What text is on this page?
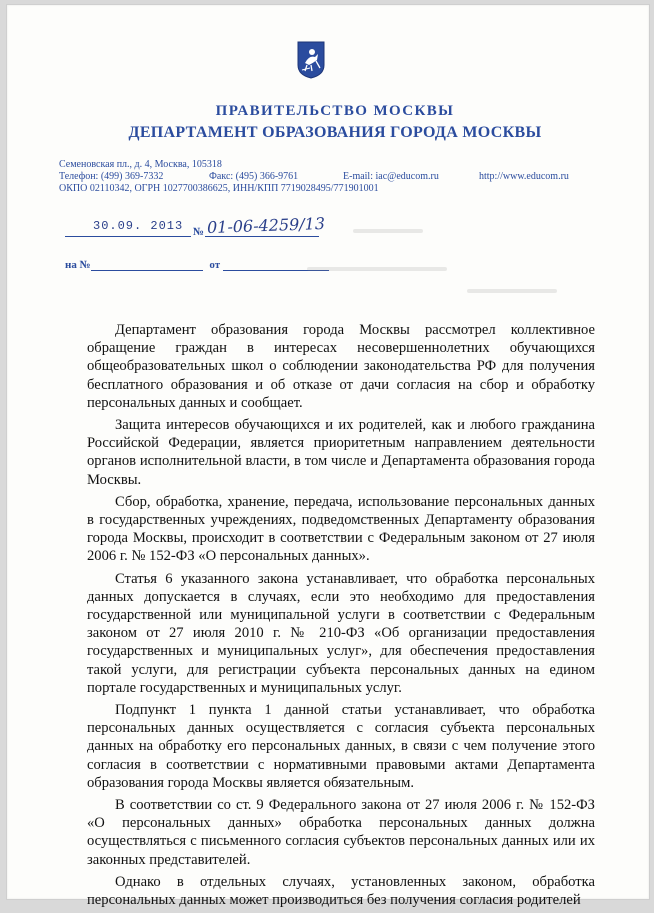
ПРАВИТЕЛЬСТВО МОСКВЫ
ДЕПАРТАМЕНТ ОБРАЗОВАНИЯ ГОРОДА МОСКВЫ
Семеновская пл., д. 4, Москва, 105318
Телефон: (499) 369-7332	Факс: (495) 366-9761	E-mail: iac@educom.ru	http://www.educom.ru
ОКПО 02110342, ОГРН 1027700386625, ИНН/КПП 7719028495/771901001
30.09. 2013 № 01-06-4259/13
на №	от

Департамент образования города Москвы рассмотрел коллективное обращение граждан в интересах несовершеннолетних обучающихся общеобразовательных школ о соблюдении законодательства РФ для получения бесплатного образования и об отказе от дачи согласия на сбор и обработку персональных данных и сообщает.

Защита интересов обучающихся и их родителей, как и любого гражданина Российской Федерации, является приоритетным направлением деятельности органов исполнительной власти, в том числе и Департамента образования города Москвы.

Сбор, обработка, хранение, передача, использование персональных данных в государственных учреждениях, подведомственных Департаменту образования города Москвы, происходит в соответствии с Федеральным законом от 27 июля 2006 г. № 152-ФЗ «О персональных данных».

Статья 6 указанного закона устанавливает, что обработка персональных данных допускается в случаях, если это необходимо для предоставления государственной или муниципальной услуги в соответствии с Федеральным законом от 27 июля 2010 г. № 210-ФЗ «Об организации предоставления государственных и муниципальных услуг», для обеспечения предоставления такой услуги, для регистрации субъекта персональных данных на едином портале государственных и муниципальных услуг.

Подпункт 1 пункта 1 данной статьи устанавливает, что обработка персональных данных осуществляется с согласия субъекта персональных данных на обработку его персональных данных, в связи с чем получение этого согласия в соответствии с нормативными правовыми актами Департамента образования города Москвы является обязательным.

В соответствии со ст. 9 Федерального закона от 27 июля 2006 г. № 152-ФЗ «О персональных данных» обработка персональных данных должна осуществляться с письменного согласия субъектов персональных данных или их законных представителей.

Однако в отдельных случаях, установленных законом, обработка персональных данных может производиться без получения согласия родителей
